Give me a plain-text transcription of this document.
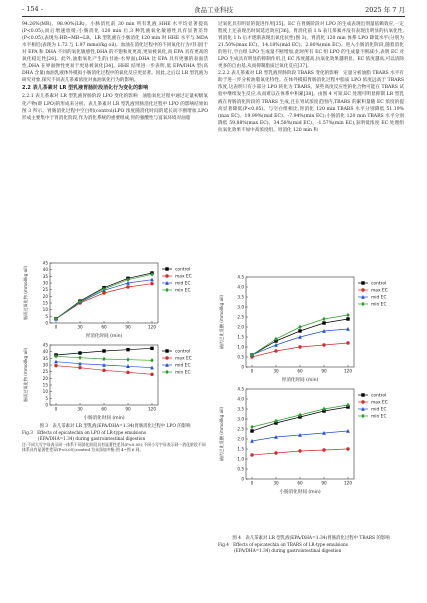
- 154 -	食品工业科技	2025 年 7 月

94.26%(MR)、98.90%(LR)。小肠消化前 30 min 所有乳液 HHE 水平均显著提高(P<0.05),而后增速放缓;小肠消化 120 min 后,3 种乳液氧化敏感性具有显著差异(P<0.05),表现为:HR~MR~LR。LR 型乳液在小肠消化 120 min 时 HHE 水平与 MDA 水平相近(表现为 1.72 与 1.97 mmol/kg oil)。血油在消化过程中的不同氧化行为可归因于对 EPA 和 DHA 不同的氧化敏感性,DHA 的不饱和度更高,更易被氧化,而 EPA 具有更高的氧化稳定性[26]。此外,油脂氧化产生的(甘油-水界面),DHA 比 EPA 具有更强的表面活性,DHA 在界面弹性更易于更易被氧化[34]。HHE 结果进一步表明,低 EPA/DHA 型(高 DHA 含量)血油乳液体外模拟小肠消化过程中的氧化反应更显著。因此,之后以 LR 型乳液为研究对象,探究不同表儿茶素浓度对血油氧化行为的影响。

2.2 表儿茶素对 LR 型乳液胃肠阶段消化行为变化的影响

2.2.1 表儿茶素对 LR 型乳液胃肠阶段 LPO 变化的影响　油脂氧化过程中通过定量初级氧化产物(即 LPO)的形成来分析。表儿茶素对 LR 型乳液胃肠消化过程中 LPO 的影响结果如图 3 所示。胃肠消化过程中空白组(control)LPO 浓度随消化时间的延长而不断增加,LPO 形成主要集中于胃消化阶段,作为消化系统的重要组成,胃的强酸性与富氧环境对油脂

0
5
10
15
20
25
30
35
40
45
0	30	60	90	120
胃消化时间 (min)
脂质过氧化物 (mmol/kg oil)	control
max EC
mid EC
min EC
0
5
10
15
20
25
30
35
40
45
0	30	60	90	120
小肠消化时间 (min)
脂质过氧化物 (mmol/kg oil)	control
max EC
mid EC
min EC
图 3　表儿茶素对 LR 型乳液(EPA/DHA=1.34)胃肠消化过程中 LPO 的影响
Fig.3　Effects of epicatechin on LPO of LR-type emulsions
(EPA/DHA=1.34) during gastrointestinal digestion
注:不同大写字母表示同一体系不同消化阶段具有显著性差异(P<0.05);不同小写字母表示同一消化阶段不同体系具有显著性差异(P<0.05);control 为未添加多酚;图 4~图 6 同。

过氧化具有明显的促进作用[35]。EC 在胃肠阶段对 LPO 的生成表现出剂量依赖效应,一定程度上还表现出时间延迟效应[36]。胃消化前 1 h 表儿茶素并没有表现出明显的抗氧化性,胃消化 1 h 后才逐渐表现出氧化抗性(图 3)。胃消化 120 min 体系 LPO 降低水平(分别为 21.50%(max EC)、14.18%(mid EC)、2.80%(min EC)。进入小肠消化阶段,随着消化的进行,空白组 LPO 生成量不断增加,此时所有 EC 组 LPO 的生成量不断减小,表明 EC 对 LPO 生成具有明显的抑制作用,且 EC 浓度越高,抗氧化效果越明显。EC 浓度越高,可以清除更多的自由基,从而抑制脂质过氧化反应[37]。

2.2.2 表儿茶素对 LR 型乳液胃肠阶段 TBARS 变化的影响　定量分析油脂 TBARS 水平有助于进一步分析油脂氧化特性。在体外模拟胃肠消化过程中脂质 LPO 浓度远高于 TBARS 浓度,这表明只有小部分 LPO 转化为 TBARS。某些高度反应性的化合物可能在 TBARS 试验中继续发生反应,从而难以在体系中积累[38]。由图 4 可知,EC 处理可明显抑制 LR 型乳液在胃肠消化阶段的 TBARS 生成,且在胃试浓度范围内,TBARS 的累积量随 EC 浓度的提高显著降低(P<0.05)。与空白组相比,胃消化 120 min TBARS 水平分别降低 51.19%(max EC)、19.99%(mid EC)、-7.94%(min EC);小肠消化 120 min TBARS 水平分别降低 59.88%(max EC)、34.58%(mid EC)、-1.57%(min EC),表明低浓度 EC 处理组抗氧化效果不如中高浓度组。胃消化 120 min 和

0
0.5
1.0
1.5
2.0
2.5
3.0
3.5
4.0
4.5
0	30	60	90	120
胃消化时间 (min)
硫代巴比妥酸 (mmol/kg oil)
control
max EC
mid EC
min EC
0
0.5
1.0
1.5
2.0
2.5
3.0
3.5
4.0
4.5
0	30	60	90	120
小肠消化时间 (min)
硫代巴比妥酸 (mmol/kg oil)
control
max EC
mid EC
min EC
图 4　表儿茶素对 LR 型乳液(EPA/DHA=1.34)胃肠消化过程中 TBARS 的影响
Fig.4　Effects of epicatechin on TBARS of LR-type emulsions
(EPA/DHA=1.34) during gastrointestinal digestion
